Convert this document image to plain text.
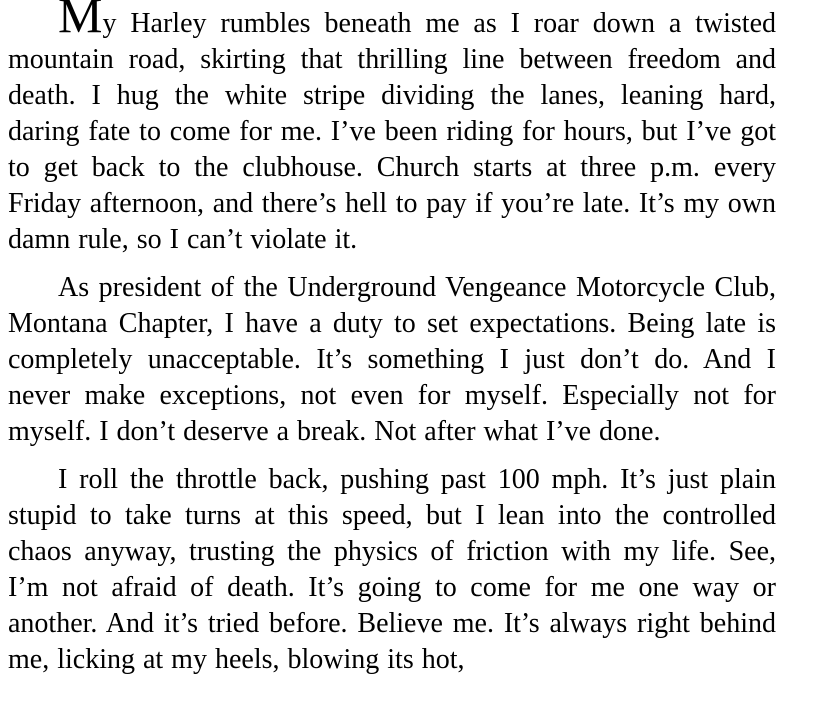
My Harley rumbles beneath me as I roar down a twisted mountain road, skirting that thrilling line between freedom and death. I hug the white stripe dividing the lanes, leaning hard, daring fate to come for me. I’ve been riding for hours, but I’ve got to get back to the clubhouse. Church starts at three p.m. every Friday afternoon, and there’s hell to pay if you’re late. It’s my own damn rule, so I can’t violate it.

As president of the Underground Vengeance Motorcycle Club, Montana Chapter, I have a duty to set expectations. Being late is completely unacceptable. It’s something I just don’t do. And I never make exceptions, not even for myself. Especially not for myself. I don’t deserve a break. Not after what I’ve done.

I roll the throttle back, pushing past 100 mph. It’s just plain stupid to take turns at this speed, but I lean into the controlled chaos anyway, trusting the physics of friction with my life. See, I’m not afraid of death. It’s going to come for me one way or another. And it’s tried before. Believe me. It’s always right behind me, licking at my heels, blowing its hot,
